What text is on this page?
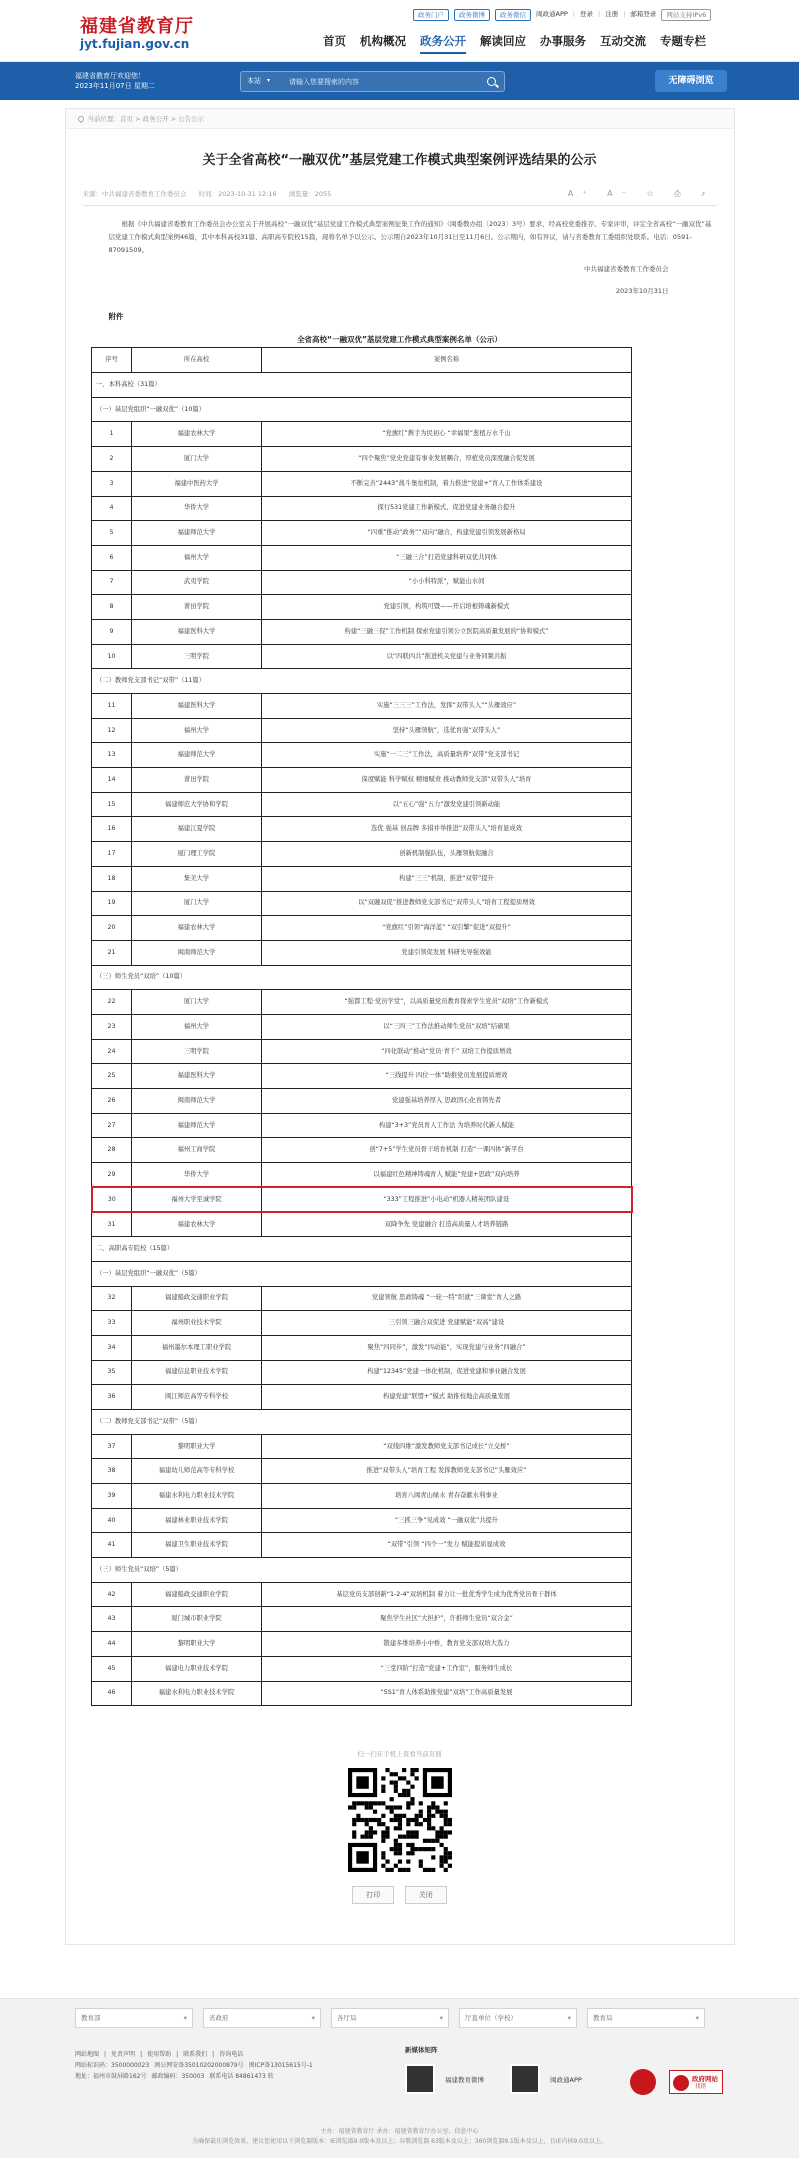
福建省教育厅
jyt.fujian.gov.cn
政务门户 政务微博 政务微信 闽政通APP | 登录 | 注册 | 邮箱登录 网站支持IPv6
首页 机构概况 政务公开 解读回应 办事服务 互动交流 专题专栏
福建省教育厅欢迎您！
2023年11月07日 星期二
本站 ▾
请输入您要搜索的内容	无障碍浏览
当前位置：首页 > 政务公开 > 公告公示
关于全省高校“一融双优”基层党建工作模式典型案例评选结果的公示
来源：中共福建省委教育工作委员会 时间：2023-10-31 12:16 浏览量：2055	A⁺ A⁻ ☆ ⎙ ⤴

根据《中共福建省委教育工作委员会办公室关于开展高校“一融双优”基层党建工作模式典型案例征集工作的通知》（闽委教办组〔2023〕3号）要求，经高校党委推荐、专家评审，评定全省高校“一融双优”基层党建工作模式典型案例46篇，其中本科高校31篇、高职高专院校15篇，现将名单予以公示。公示期自2023年10月31日至11月6日。公示期内，如有异议，请与省委教育工委组织处联系。电话：0591-87091509。

中共福建省委教育工作委员会
2023年10月31日
附件
全省高校“一融双优”基层党建工作模式典型案例名单（公示）
序号	所在高校	案例名称
一、本科高校（31篇）		
（一）基层党组织“一融双优”（10篇）		
1	福建农林大学	“党旗红”携手为民初心 “幸福果”葱植万水千山
2	厦门大学	“四个聚焦”党史党建有事业发展耦合，厚植党员深度融合促发展
3	福建中医药大学	不断完善“2443”战斗堡垒机制，着力推进“党建+”育人工作体系建设
4	华侨大学	探行531党建工作新模式，促进党建业务融合提升
5	福建师范大学	“四重”推动“政务”“双向”融合，构建党建引领发展新格局
6	福州大学	“三融三合”打造党建科研双优共同体
7	武夷学院	“小小科特派”，赋能山水间
8	莆田学院	党建引领，构筑可暨——开启培根铸魂新模式
9	福建医科大学	构建“三融三促”工作机制 探索党建引领公立医院高质量发展的“协和模式”
10	三明学院	以“四联四共”推进机关党建与业务同频共振
（二）教师党支部书记“双带”（11篇）		
11	福建医科大学	实施“三三三”工作法，发挥“双带头人”“头雁效应”
12	福州大学	坚持“头雁领航”，选优育强“双带头人”
13	福建师范大学	实施“一二三”工作法，高质量培养“双带”党支部书记
14	莆田学院	保度赋能 科学赋权 精细赋责 推动教师党支部“双带头人”培育
15	福建师范大学协和学院	以“五心”强“五力”激发党建引领新动能
16	福建江夏学院	选优 强基 创品牌 多措并举推进“双带头人”培育显成效
17	厦门理工学院	创新机制强队伍，头雁领航促融合
18	集美大学	构建“三三”机制，推进“双带”提升
19	厦门大学	以“双融双促”推进教师党支部书记“双带头人”培育工程提质增效
20	福建农林大学	“党旗红”引领“海洋蓝” “双引擎”促进“双提升”
21	闽南师范大学	党建引领促发展 科研先导强效能
（三）师生党员“双培”（10篇）		
22	厦门大学	“强都工程·党员学堂”，以高质量党员教育探索学生党员“双培”工作新模式
23	福州大学	以“三四三”工作法推动师生党员“双培”结硕果
24	三明学院	“四化联动”推动“党员·青千” 双培工作提质增效
25	福建医科大学	“三线提升 四位一体”助推党员发展提质增效
26	闽南师范大学	党建强基培养厚入 思政固心化育铸先者
27	福建师范大学	构建“3+3”党员育人工作法 为培养时代新人赋能
28	福州工商学院	创“7+5”学生党员骨干培育机制 打造“一课四体”新平台
29	华侨大学	以福建红色精神铸魂育人 赋能“党建+思政”双向培养
30	福州大学至诚学院	“333”工程推进“小电动”机器人精英团队建设
31	福建农林大学	双降争先 党建融合 打造高质量人才培养链路
二、高职高专院校（15篇）		
（一）基层党组织“一融双优”（5篇）		
32	福建船政交通职业学院	党建领航 思政铸魂 “一轮一特”织就“三课堂”育人之路
33	福州职业技术学院	三引领三融合双促进 党建赋能“双高”建设
34	福州墨尔本理工职业学院	聚焦“四同步”，激发“四动能”，实现党建与业务“四融合”
35	福建信息职业技术学院	构建“12345”党建一体化机制，促进党建和事业融合发展
36	闽江师范高等专科学校	构建党建“联盟+”模式 助推校地企高质量发展
（二）教师党支部书记“双带”（5篇）		
37	黎明职业大学	“双线四维”激发教师党支部书记成长“立交桥”
38	福建幼儿师范高等专科学校	推进“双带头人”培育工程 发挥教师党支部书记“头雁效应”
39	福建水利电力职业技术学院	培育八闽青山绿水 青春奋献水利事业
40	福建林业职业技术学院	“三抓三争”见成效 “一融双优”共提升
41	福建卫生职业技术学院	“双带”引领 “四个一”发力 赋能提质显成效
（三）师生党员“双培”（5篇）		
42	福建船政交通职业学院	基层党员支部创新“1-2-4”双培机制 着力让一批优秀学生成为优秀党员骨干群体
43	厦门城市职业学院	聚焦学生社区“大担护”，许推师生党员“双合金”
44	黎明职业大学	锻建多维培养小中桥，教育党支部双培大选力
45	福建电力职业技术学院	“三堂四阶”打造“党建+工作室”，服务师生成长
46	福建水利电力职业技术学院	“5S1”育人体系助推党建“双培”工作高质量发展
扫一扫在手机上查看当前页面
打印	关闭
教育部 ▾	省政府 ▾	各厅局 ▾	厅直单位（学校） ▾	教育局 ▾
网站地图 | 免责声明 | 使用帮助 | 联系我们 | 咨询电话
网站标识码：3500000023 闽公网安备35010202000879号 闽ICP备13015615号-1
地址：福州市鼓屏路162号 邮政编码：350003 联系电话 84861473 转
新媒体矩阵
福建教育微博	闽政通APP	政府网站
找错
主办：福建省教育厅 承办：福建省教育厅办公室、信息中心
为确保最佳浏览效果，建议您使用以下浏览器版本：IE浏览器9.0版本及以上；谷歌浏览器 63版本及以上；360浏览器9.1版本及以上，且IE内核9.0及以上。
